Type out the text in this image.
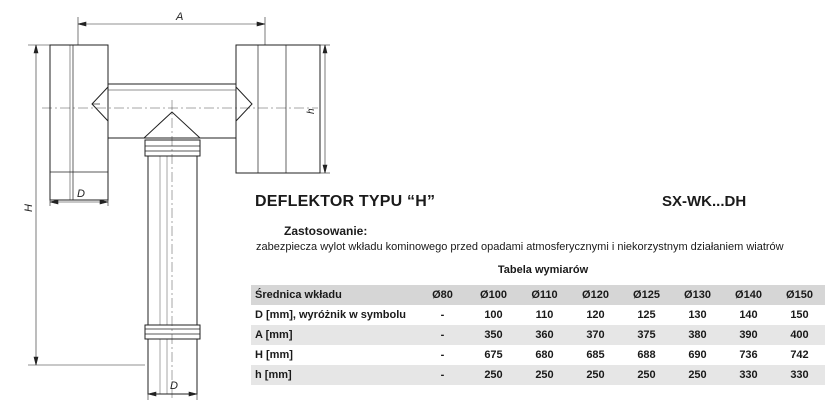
A
D
D
H
h
DEFLEKTOR TYPU “H”	SX-WK...DH
Zastosowanie:
zabezpiecza wylot wkładu kominowego przed opadami atmosferycznymi i niekorzystnym działaniem wiatrów
Tabela wymiarów
Średnica wkładu	Ø80	Ø100	Ø110	Ø120	Ø125	Ø130	Ø140	Ø150
D [mm], wyróżnik w symbolu	-	100	110	120	125	130	140	150
A [mm]	-	350	360	370	375	380	390	400
H [mm]	-	675	680	685	688	690	736	742
h [mm]	-	250	250	250	250	250	330	330
